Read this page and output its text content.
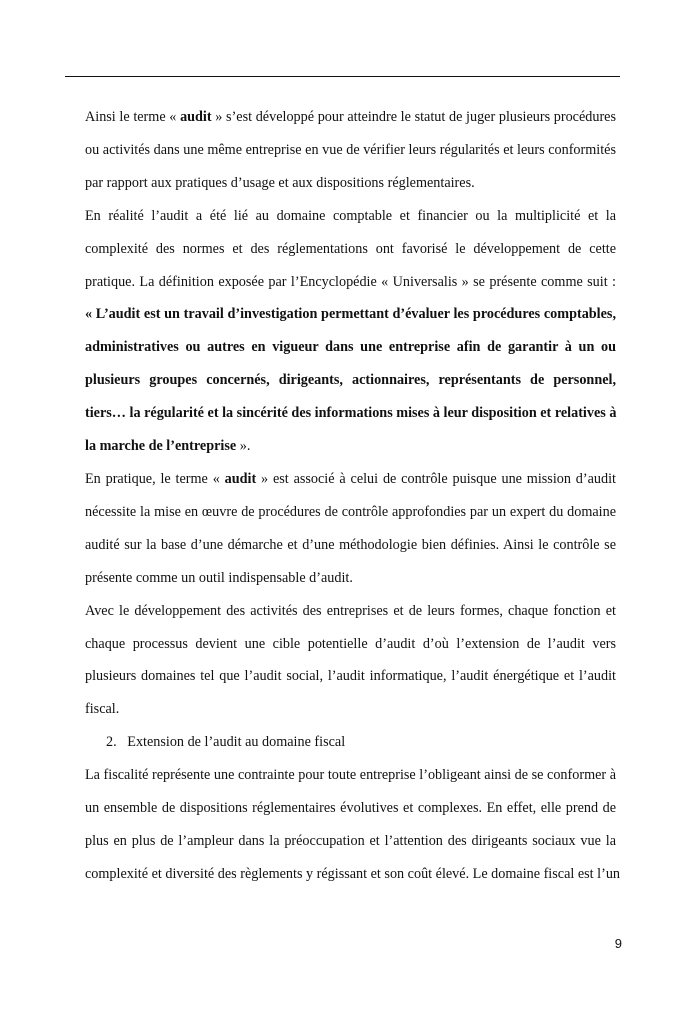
Ainsi le terme « audit » s’est développé pour atteindre le statut de juger plusieurs procédures
ou activités dans une même entreprise en vue de vérifier leurs régularités et leurs conformités
par rapport aux pratiques d’usage et aux dispositions réglementaires.

En réalité l’audit a été lié au domaine comptable et financier ou la multiplicité et la
complexité des normes et des réglementations ont favorisé le développement de cette
pratique. La définition exposée par l’Encyclopédie « Universalis » se présente comme suit :
« L’audit est un travail d’investigation permettant d’évaluer les procédures comptables,
administratives ou autres en vigueur dans une entreprise afin de garantir à un ou
plusieurs groupes concernés, dirigeants, actionnaires, représentants de personnel,
tiers… la régularité et la sincérité des informations mises à leur disposition et relatives à
la marche de l’entreprise ».

En pratique, le terme « audit » est associé à celui de contrôle puisque une mission d’audit
nécessite la mise en œuvre de procédures de contrôle approfondies par un expert du domaine
audité sur la base d’une démarche et d’une méthodologie bien définies. Ainsi le contrôle se
présente comme un outil indispensable d’audit.

Avec le développement des activités des entreprises et de leurs formes, chaque fonction et
chaque processus devient une cible potentielle d’audit d’où l’extension de l’audit vers
plusieurs domaines tel que l’audit social, l’audit informatique, l’audit énergétique et l’audit
fiscal.

2.   Extension de l’audit au domaine fiscal

La fiscalité représente une contrainte pour toute entreprise l’obligeant ainsi de se conformer à
un ensemble de dispositions réglementaires évolutives et complexes. En effet, elle prend de
plus en plus de l’ampleur dans la préoccupation et l’attention des dirigeants sociaux vue la
complexité et diversité des règlements y régissant et son coût élevé. Le domaine fiscal est l’un

9
